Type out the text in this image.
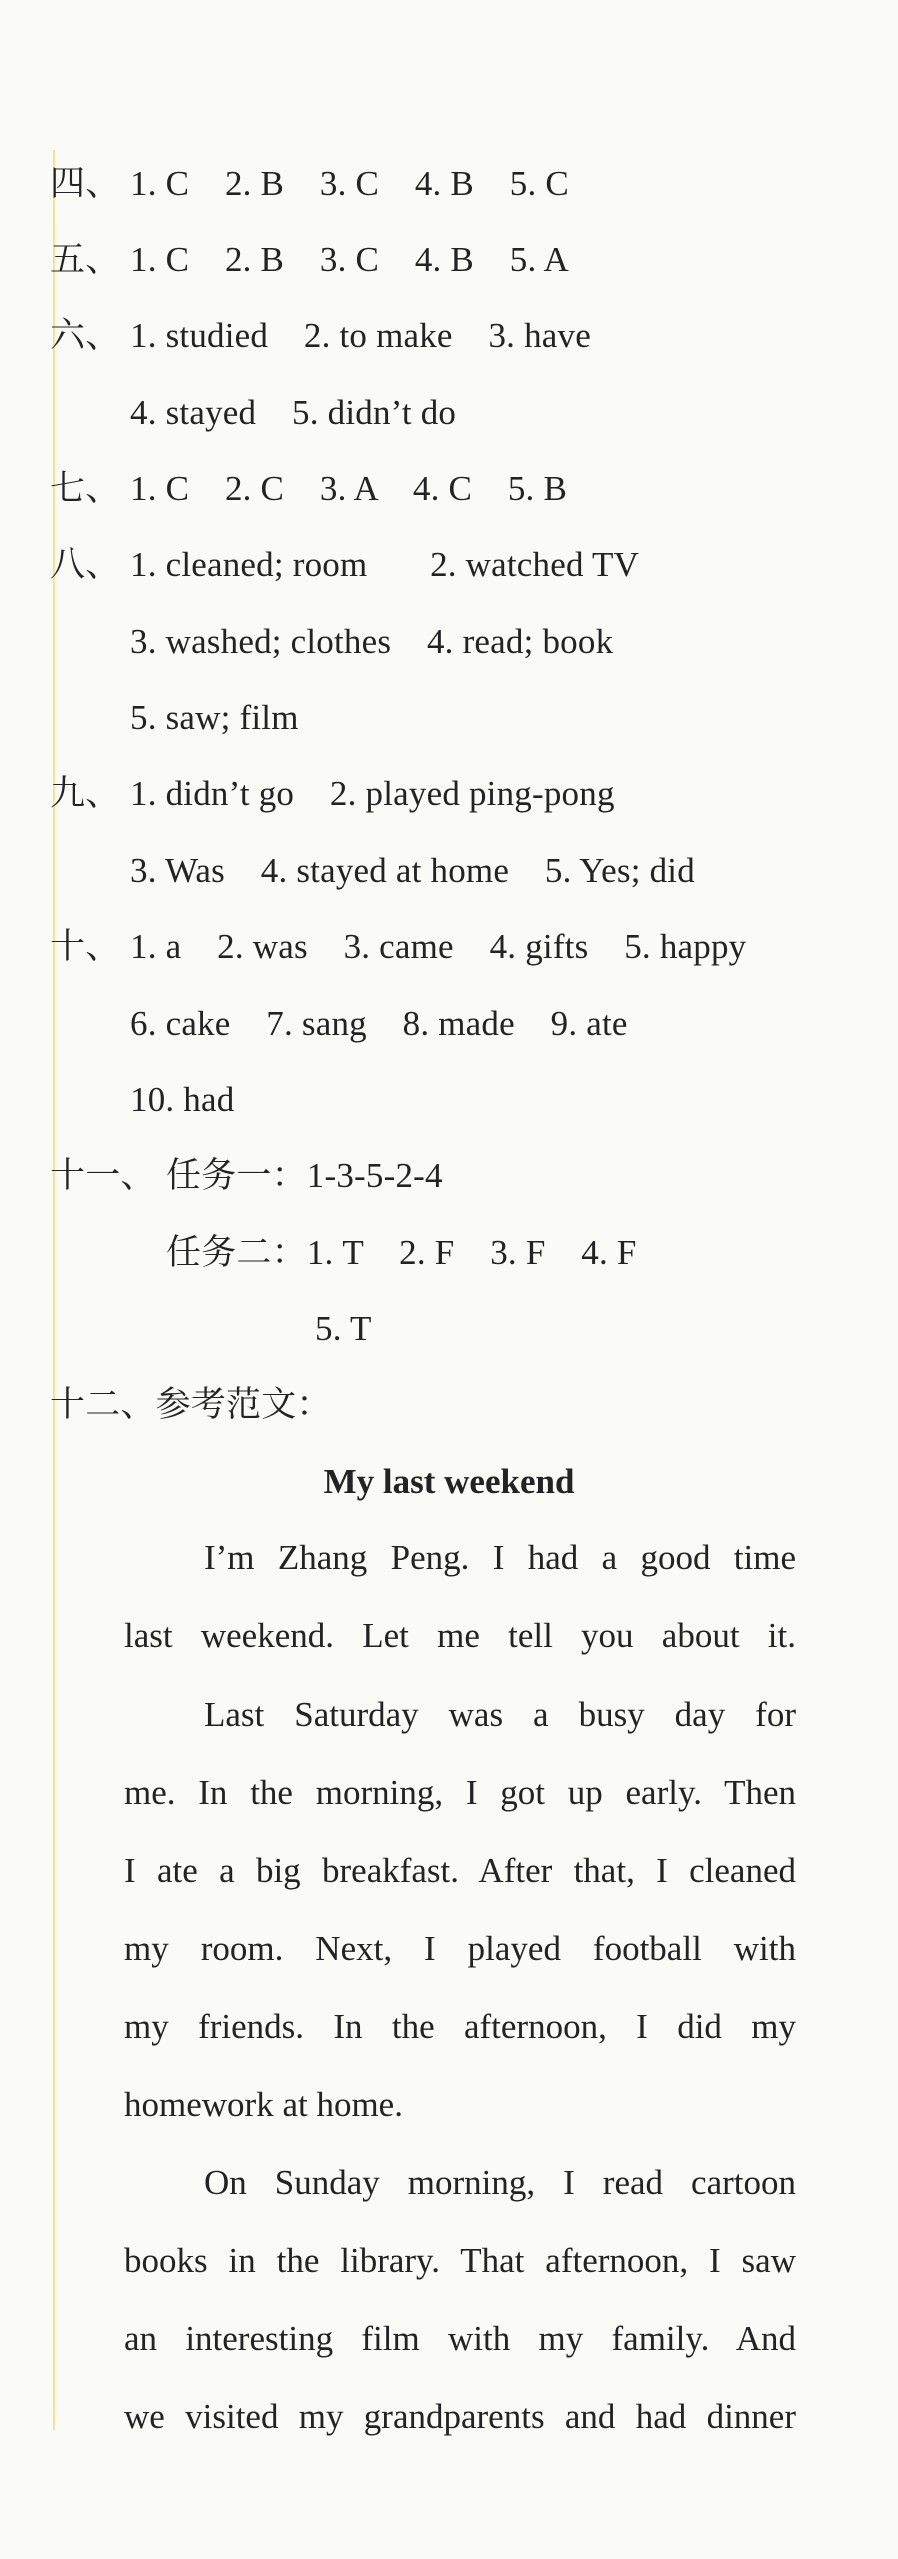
四、 1. C    2. B    3. C    4. B    5. C
五、 1. C    2. B    3. C    4. B    5. A
六、 1. studied    2. to make    3. have
4. stayed    5. didn’t do
七、 1. C    2. C    3. A    4. C    5. B
八、 1. cleaned; room       2. watched TV
3. washed; clothes    4. read; book
5. saw; film
九、 1. didn’t go    2. played ping-pong
3. Was    4. stayed at home    5. Yes; did
十、 1. a    2. was    3. came    4. gifts    5. happy
6. cake    7. sang    8. made    9. ate
10. had
十一、 任务一：1-3-5-2-4
任务二：1. T    2. F    3. F    4. F
5. T
十二、参考范文：
My last weekend
I’m Zhang Peng. I had a good time
last weekend. Let me tell you about it.
Last Saturday was a busy day for
me. In the morning, I got up early. Then
I ate a big breakfast. After that, I cleaned
my room. Next, I played football with
my friends. In the afternoon, I did my
homework at home.
On Sunday morning, I read cartoon
books in the library. That afternoon, I saw
an interesting film with my family. And
we visited my grandparents and had dinner
